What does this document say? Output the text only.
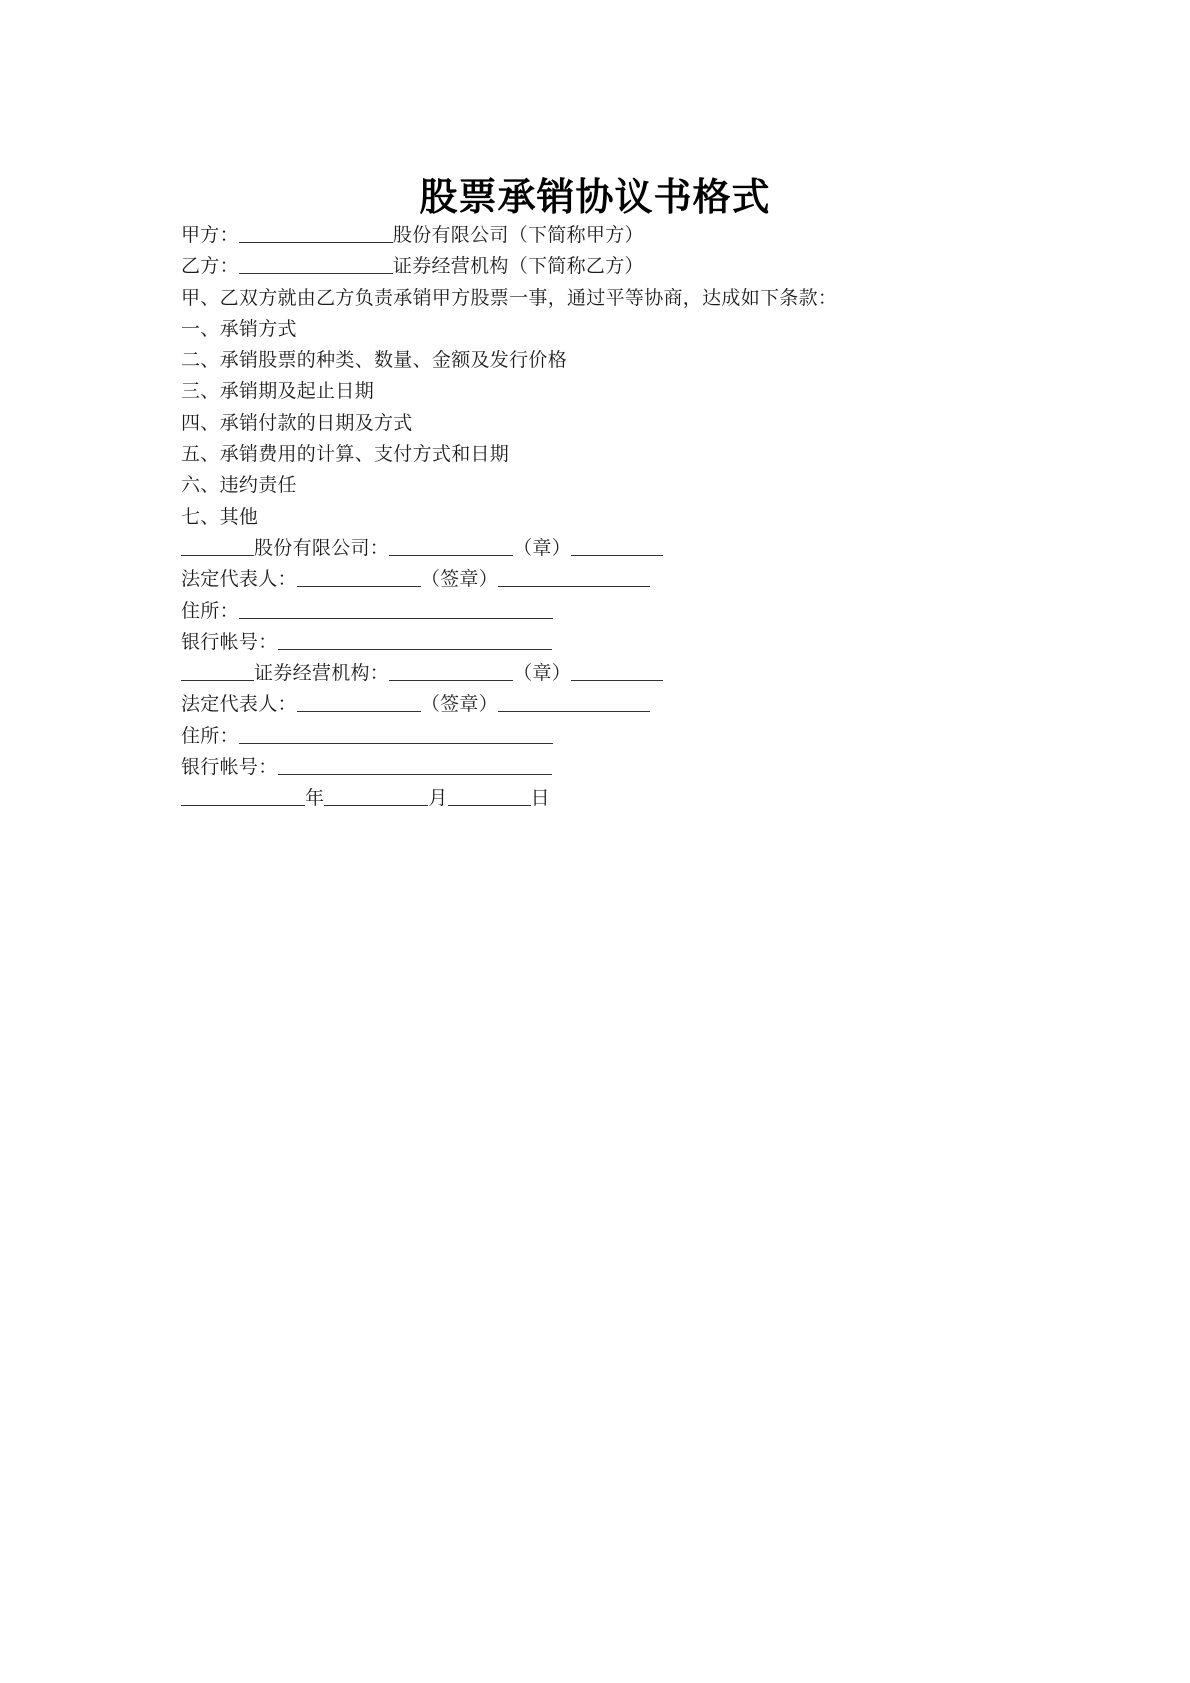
股票承销协议书格式
甲方：	股份有限公司（下简称甲方）
乙方：	证券经营机构（下简称乙方）
甲、乙双方就由乙方负责承销甲方股票一事，通过平等协商，达成如下条款：
一、承销方式
二、承销股票的种类、数量、金额及发行价格
三、承销期及起止日期
四、承销付款的日期及方式
五、承销费用的计算、支付方式和日期
六、违约责任
七、其他
股份有限公司：	（章）
法定代表人：	（签章）
住所：
银行帐号：
证券经营机构：	（章）
法定代表人：	（签章）
住所：
银行帐号：
年	月	日
